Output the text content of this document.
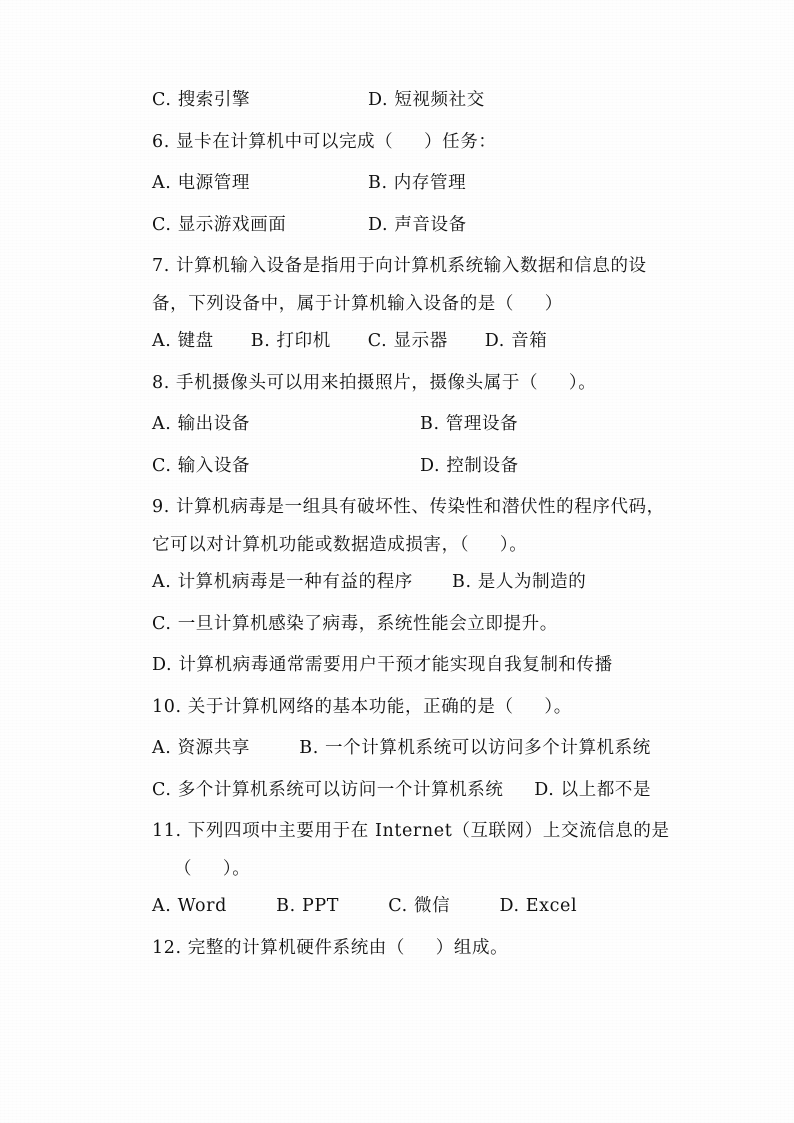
C. 搜索引擎	D. 短视频社交
6. 显卡在计算机中可以完成（     ）任务：
A. 电源管理	B. 内存管理
C. 显示游戏画面	D. 声音设备
7. 计算机输入设备是指用于向计算机系统输入数据和信息的设
备，下列设备中，属于计算机输入设备的是（     ）
A. 键盘      B. 打印机      C. 显示器      D. 音箱
8. 手机摄像头可以用来拍摄照片，摄像头属于（     ）。
A. 输出设备	B. 管理设备
C. 输入设备	D. 控制设备
9. 计算机病毒是一组具有破坏性、传染性和潜伏性的程序代码，
它可以对计算机功能或数据造成损害，（     ）。
A. 计算机病毒是一种有益的程序	B. 是人为制造的
C. 一旦计算机感染了病毒，系统性能会立即提升。
D. 计算机病毒通常需要用户干预才能实现自我复制和传播
10. 关于计算机网络的基本功能，正确的是（     ）。
A. 资源共享        B. 一个计算机系统可以访问多个计算机系统
C. 多个计算机系统可以访问一个计算机系统     D. 以上都不是
11. 下列四项中主要用于在 Internet（互联网）上交流信息的是
（     ）。
A. Word        B. PPT        C. 微信        D. Excel
12. 完整的计算机硬件系统由（     ）组成。
